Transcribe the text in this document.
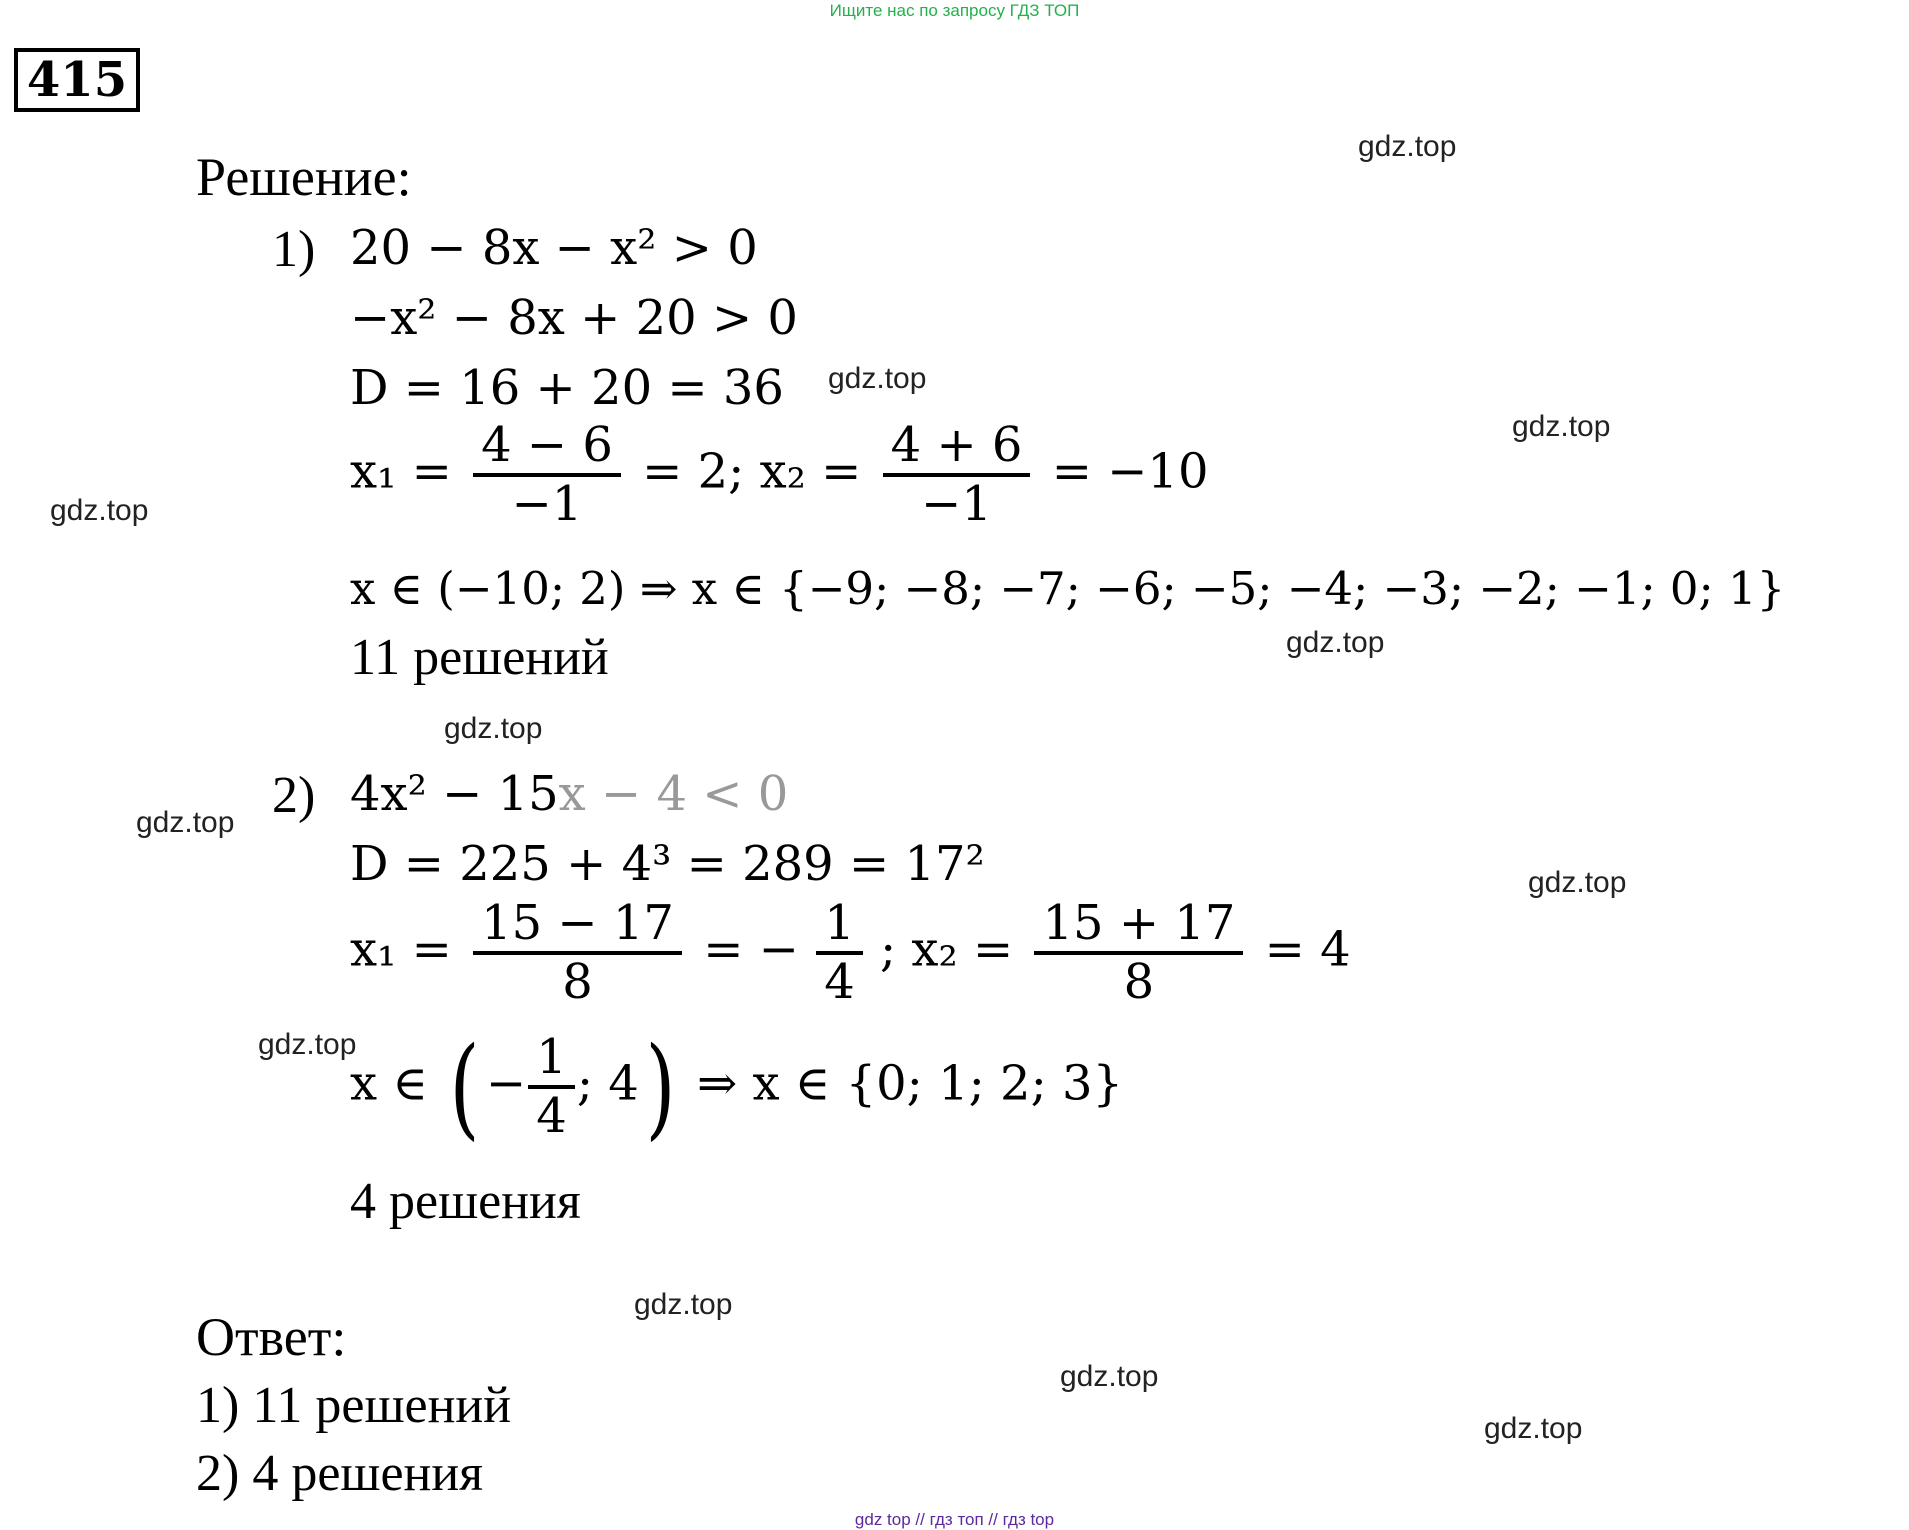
Ищите нас по запросу ГДЗ ТОП
415
Решение:
1) 20 − 8x − x² > 0
−x² − 8x + 20 > 0
D = 16 + 20 = 36
$x_1 = \frac{4 - 6}{-1} = 2$; $x_2 = \frac{4 + 6}{-1} = -10$
x ∈ (−10; 2) ⇒ x ∈ {−9; −8; −7; −6; −5; −4; −3; −2; −1; 0; 1}
11 решений
2) 4x² − 15x − 4 < 0
D = 225 + 4³ = 289 = 17²
$x_1 = \frac{15 - 17}{8}$ = − $\frac{1}{4}$ ; $x_2 = \frac{15 + 17}{8} = 4$
x ∈ ( − $\frac{1}{4}$ ; 4) ⇒ x ∈ {0; 1; 2; 3}
4 решения
Ответ:
1) 11 решений
2) 4 решения
gdz.top
gdz.top
gdz.top
gdz.top
gdz.top
gdz.top
gdz.top
gdz.top
gdz.top
gdz.top
gdz.top
gdz.top
gdz top // гдз топ // гдз top
